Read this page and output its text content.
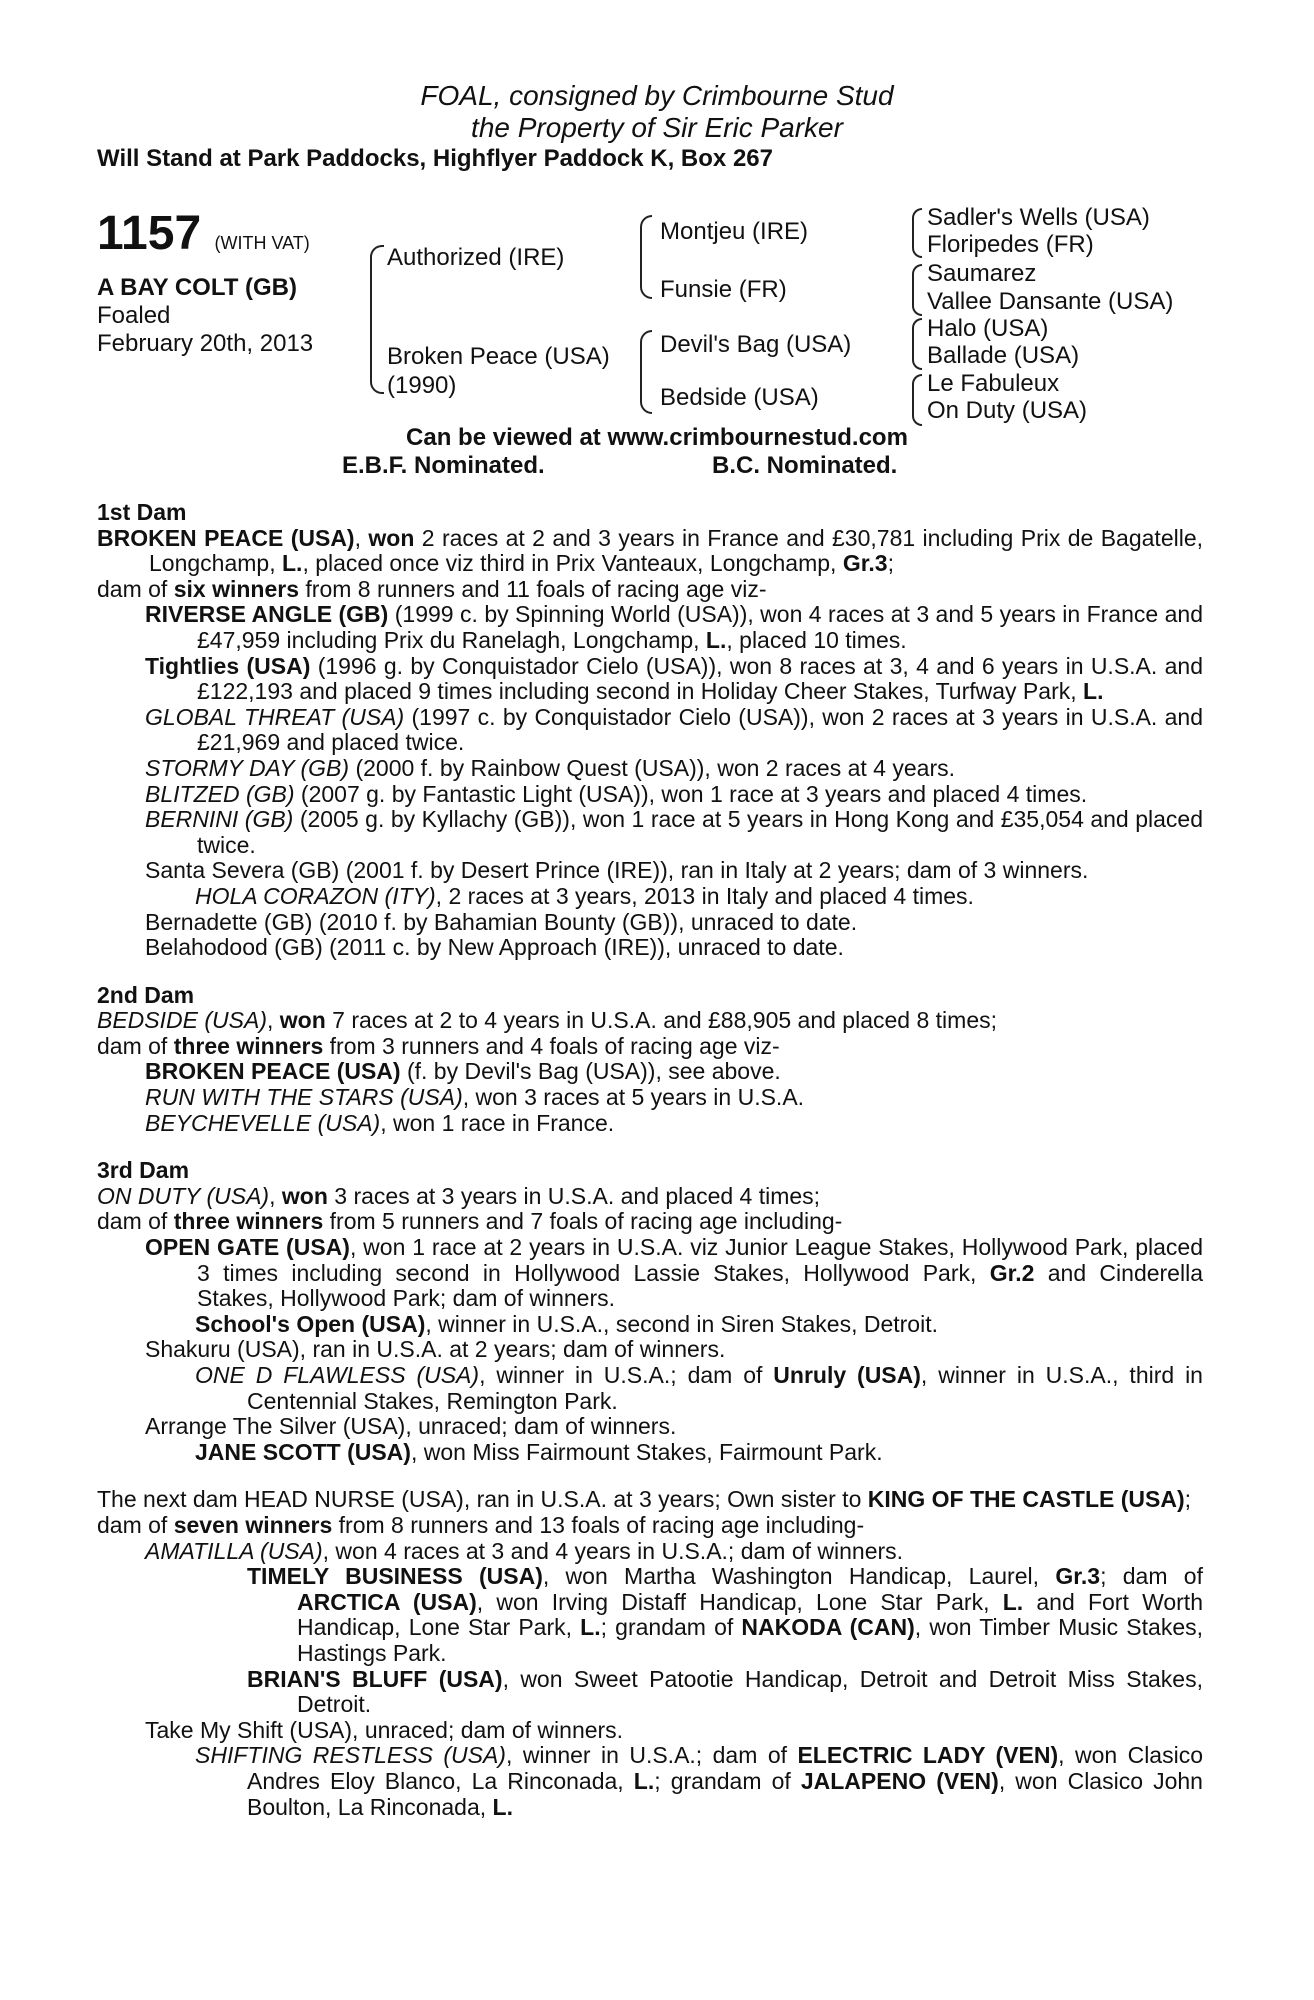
FOAL, consigned by Crimbourne Stud
the Property of Sir Eric Parker
Will Stand at Park Paddocks, Highflyer Paddock K, Box 267
1157 (WITH VAT)
A BAY COLT (GB)
Foaled
February 20th, 2013
Authorized (IRE)
Broken Peace (USA)
(1990)
Montjeu (IRE)
Funsie (FR)
Devil's Bag (USA)
Bedside (USA)
Sadler's Wells (USA)
Floripedes (FR)
Saumarez
Vallee Dansante (USA)
Halo (USA)
Ballade (USA)
Le Fabuleux
On Duty (USA)
Can be viewed at www.crimbournestud.com
E.B.F. Nominated.	B.C. Nominated.

1st Dam

BROKEN PEACE (USA), won 2 races at 2 and 3 years in France and £30,781 including Prix de Bagatelle, Longchamp, L., placed once viz third in Prix Vanteaux, Longchamp, Gr.3;

dam of six winners from 8 runners and 11 foals of racing age viz-

RIVERSE ANGLE (GB) (1999 c. by Spinning World (USA)), won 4 races at 3 and 5 years in France and £47,959 including Prix du Ranelagh, Longchamp, L., placed 10 times.

Tightlies (USA) (1996 g. by Conquistador Cielo (USA)), won 8 races at 3, 4 and 6 years in U.S.A. and £122,193 and placed 9 times including second in Holiday Cheer Stakes, Turfway Park, L.

GLOBAL THREAT (USA) (1997 c. by Conquistador Cielo (USA)), won 2 races at 3 years in U.S.A. and £21,969 and placed twice.

STORMY DAY (GB) (2000 f. by Rainbow Quest (USA)), won 2 races at 4 years.

BLITZED (GB) (2007 g. by Fantastic Light (USA)), won 1 race at 3 years and placed 4 times.

BERNINI (GB) (2005 g. by Kyllachy (GB)), won 1 race at 5 years in Hong Kong and £35,054 and placed twice.

Santa Severa (GB) (2001 f. by Desert Prince (IRE)), ran in Italy at 2 years; dam of 3 winners.

HOLA CORAZON (ITY), 2 races at 3 years, 2013 in Italy and placed 4 times.

Bernadette (GB) (2010 f. by Bahamian Bounty (GB)), unraced to date.

Belahodood (GB) (2011 c. by New Approach (IRE)), unraced to date.

2nd Dam

BEDSIDE (USA), won 7 races at 2 to 4 years in U.S.A. and £88,905 and placed 8 times;

dam of three winners from 3 runners and 4 foals of racing age viz-

BROKEN PEACE (USA) (f. by Devil's Bag (USA)), see above.

RUN WITH THE STARS (USA), won 3 races at 5 years in U.S.A.

BEYCHEVELLE (USA), won 1 race in France.

3rd Dam

ON DUTY (USA), won 3 races at 3 years in U.S.A. and placed 4 times;

dam of three winners from 5 runners and 7 foals of racing age including-

OPEN GATE (USA), won 1 race at 2 years in U.S.A. viz Junior League Stakes, Hollywood Park, placed 3 times including second in Hollywood Lassie Stakes, Hollywood Park, Gr.2 and Cinderella Stakes, Hollywood Park; dam of winners.

School's Open (USA), winner in U.S.A., second in Siren Stakes, Detroit.

Shakuru (USA), ran in U.S.A. at 2 years; dam of winners.

ONE D FLAWLESS (USA), winner in U.S.A.; dam of Unruly (USA), winner in U.S.A., third in Centennial Stakes, Remington Park.

Arrange The Silver (USA), unraced; dam of winners.

JANE SCOTT (USA), won Miss Fairmount Stakes, Fairmount Park.

The next dam HEAD NURSE (USA), ran in U.S.A. at 3 years; Own sister to KING OF THE CASTLE (USA);

dam of seven winners from 8 runners and 13 foals of racing age including-

AMATILLA (USA), won 4 races at 3 and 4 years in U.S.A.; dam of winners.

TIMELY BUSINESS (USA), won Martha Washington Handicap, Laurel, Gr.3; dam of ARCTICA (USA), won Irving Distaff Handicap, Lone Star Park, L. and Fort Worth Handicap, Lone Star Park, L.; grandam of NAKODA (CAN), won Timber Music Stakes, Hastings Park.

BRIAN'S BLUFF (USA), won Sweet Patootie Handicap, Detroit and Detroit Miss Stakes, Detroit.

Take My Shift (USA), unraced; dam of winners.

SHIFTING RESTLESS (USA), winner in U.S.A.; dam of ELECTRIC LADY (VEN), won Clasico Andres Eloy Blanco, La Rinconada, L.; grandam of JALAPENO (VEN), won Clasico John Boulton, La Rinconada, L.
